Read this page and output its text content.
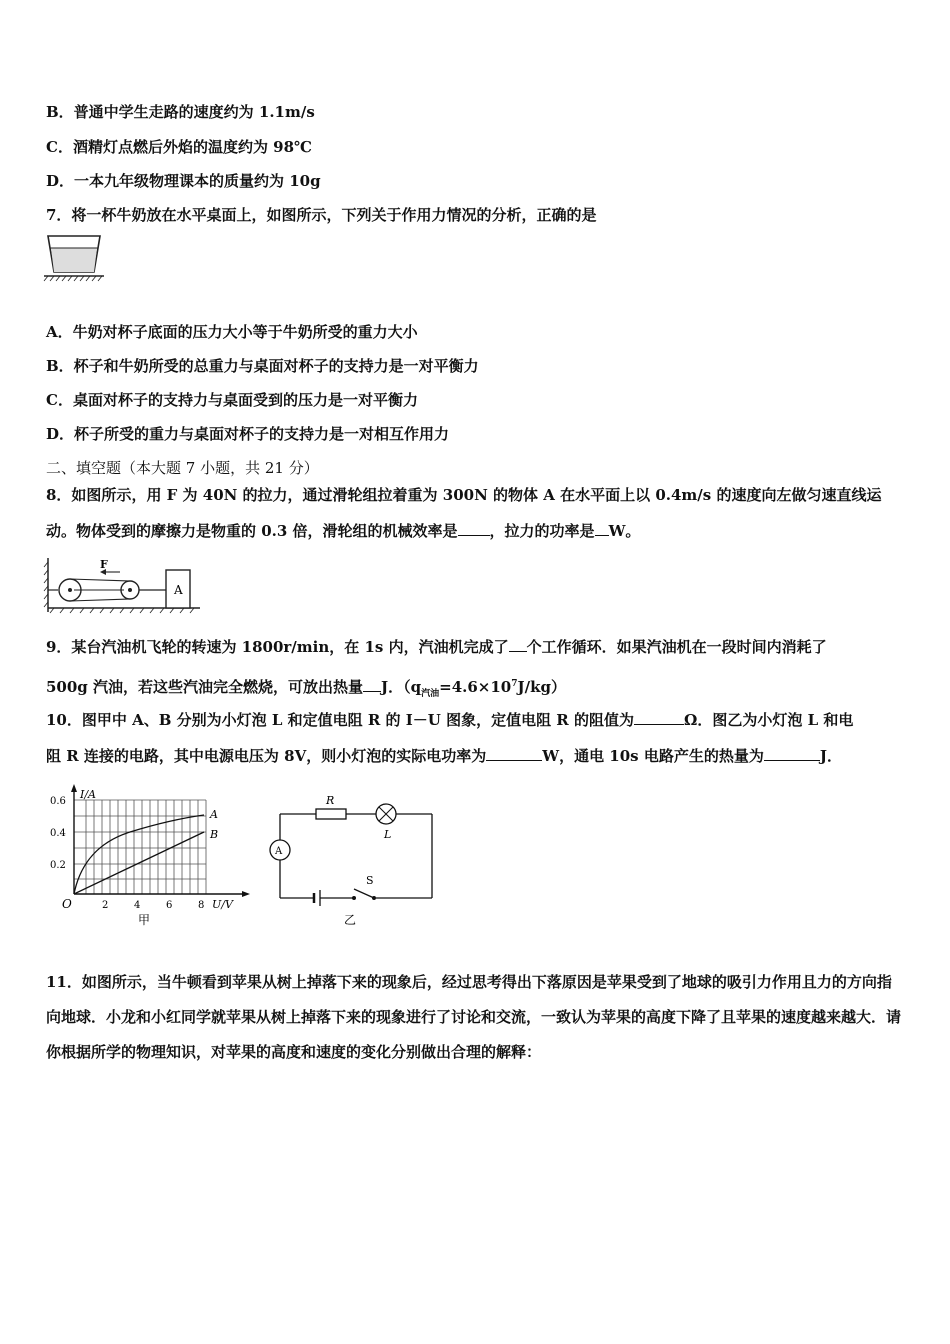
B．普通中学生走路的速度约为 1.1m/s
C．酒精灯点燃后外焰的温度约为 98℃
D．一本九年级物理课本的质量约为 10g
7．将一杯牛奶放在水平桌面上，如图所示，下列关于作用力情况的分析，正确的是
A．牛奶对杯子底面的压力大小等于牛奶所受的重力大小
B．杯子和牛奶所受的总重力与桌面对杯子的支持力是一对平衡力
C．桌面对杯子的支持力与桌面受到的压力是一对平衡力
D．杯子所受的重力与桌面对杯子的支持力是一对相互作用力
二、填空题（本大题 7 小题，共 21 分）
8．如图所示，用 F 为 40N 的拉力，通过滑轮组拉着重为 300N 的物体 A 在水平面上以 0.4m/s 的速度向左做匀速直线运
动。物体受到的摩擦力是物重的 0.3 倍，滑轮组的机械效率是 ，拉力的功率是 W。
F
A
9．某台汽油机飞轮的转速为 1800r/min，在 1s 内，汽油机完成了 个工作循环．如果汽油机在一段时间内消耗了
500g 汽油，若这些汽油完全燃烧，可放出热量 J．$(q_{汽油}=4.6\times 10^7J/kg)$
10．图甲中 A、B 分别为小灯泡 L 和定值电阻 R 的 I－U 图象，定值电阻 R 的阻值为	Ω．图乙为小灯泡 L 和电
阻 R 连接的电路，其中电源电压为 8V，则小灯泡的实际电功率为	W，通电 10s 电路产生的热量为	J．
I/A
0.6
0.4
0.2
O	2	4	6	8 U/V
A
B
甲
A
R
L
S
乙
11．如图所示，当牛顿看到苹果从树上掉落下来的现象后，经过思考得出下落原因是苹果受到了地球的吸引力作用且力的方向指向地球．小龙和小红同学就苹果从树上掉落下来的现象进行了讨论和交流，一致认为苹果的高度下降了且苹果的速度越来越大．请你根据所学的物理知识，对苹果的高度和速度的变化分别做出合理的解释：
